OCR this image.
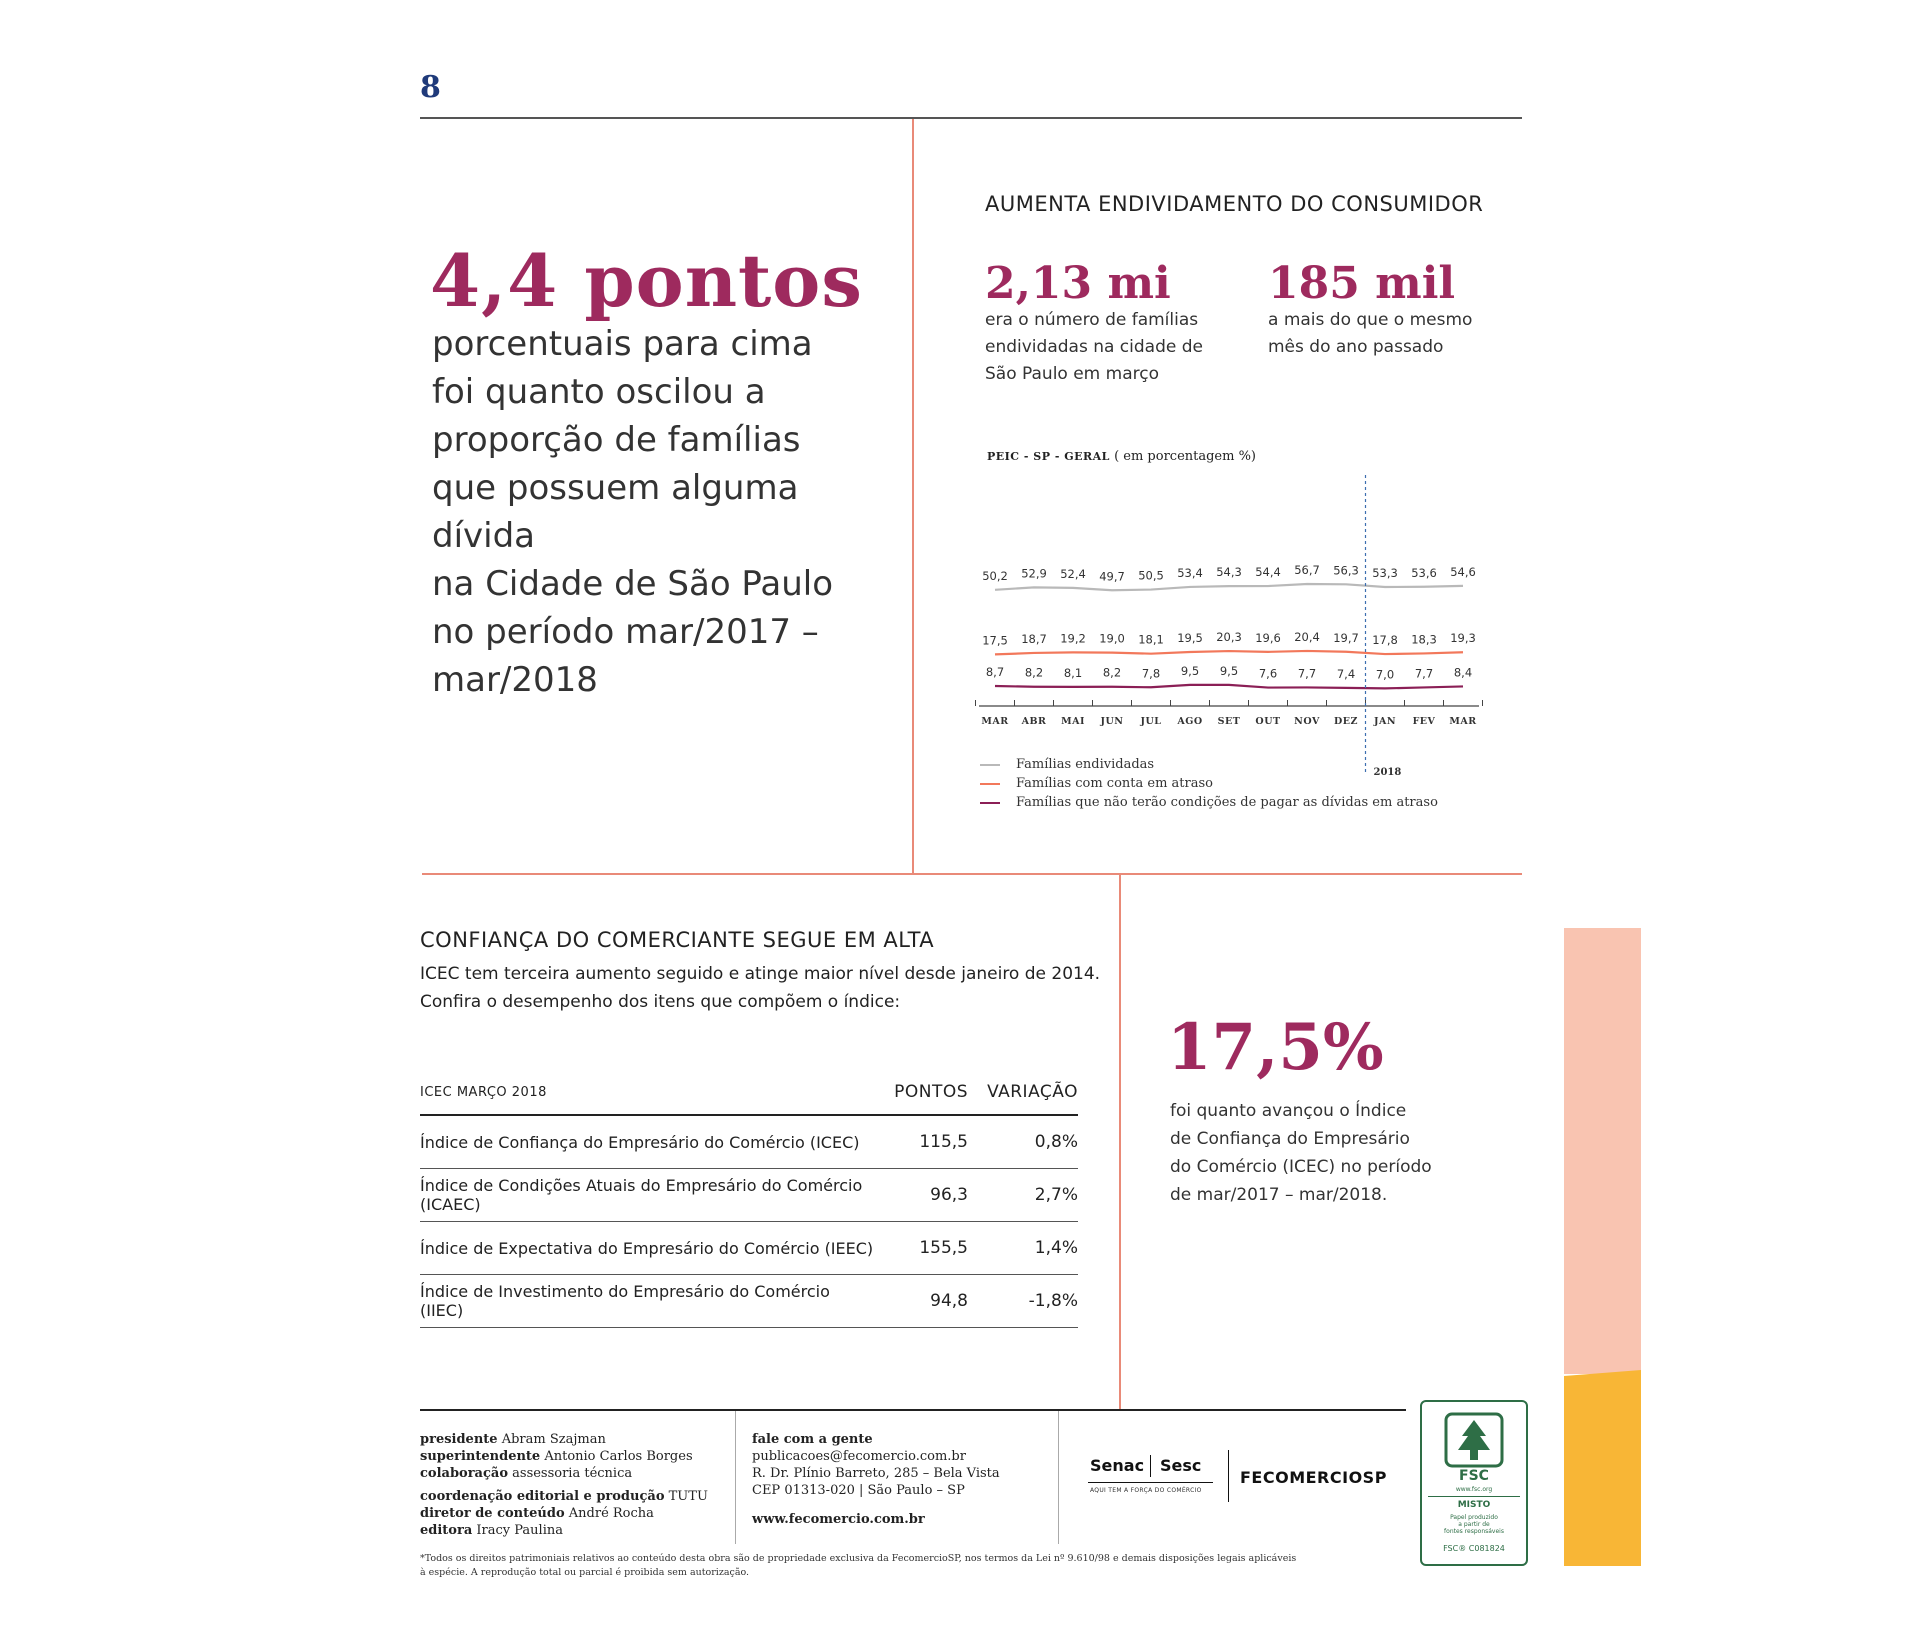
8
4,4 pontos
porcentuais para cima
foi quanto oscilou a
proporção de famílias
que possuem alguma dívida
na Cidade de São Paulo
no período mar/2017 –
mar/2018
AUMENTA ENDIVIDAMENTO DO CONSUMIDOR
2,13 mi
era o número de famílias
endividadas na cidade de
São Paulo em março
185 mil
a mais do que o mesmo
mês do ano passado
PEIC - SP - GERAL ( em porcentagem %)
50,2 52,9 52,4 49,7 50,5 53,4 54,3 54,4 56,7 56,3 53,3 53,6 54,6
17,5 18,7 19,2 19,0 18,1 19,5 20,3 19,6 20,4 19,7 17,8 18,3 19,3
8,7 8,2 8,1 8,2 7,8 9,5 9,5 7,6 7,7 7,4 7,0 7,7 8,4
MAR ABR MAI JUN JUL AGO SET OUT NOV DEZ JAN FEV MAR
2018
Famílias endividadas
Famílias com conta em atraso
Famílias que não terão condições de pagar as dívidas em atraso
CONFIANÇA DO COMERCIANTE SEGUE EM ALTA
ICEC tem terceira aumento seguido e atinge maior nível desde janeiro de 2014.
Confira o desempenho dos itens que compõem o índice:
ICEC MARÇO 2018	PONTOS	VARIAÇÃO
Índice de Confiança do Empresário do Comércio (ICEC)	115,5	0,8%
Índice de Condições Atuais do Empresário do Comércio (ICAEC)	96,3	2,7%
Índice de Expectativa do Empresário do Comércio (IEEC)	155,5	1,4%
Índice de Investimento do Empresário do Comércio (IIEC)	94,8	-1,8%
17,5%
foi quanto avançou o Índice
de Confiança do Empresário
do Comércio (ICEC) no período
de mar/2017 – mar/2018.
presidente Abram Szajman
superintendente Antonio Carlos Borges
colaboração assessoria técnica
coordenação editorial e produção TUTU
diretor de conteúdo André Rocha
editora Iracy Paulina
fale com a gente
publicacoes@fecomercio.com.br
R. Dr. Plínio Barreto, 285 – Bela Vista
CEP 01313-020 | São Paulo – SP
www.fecomercio.com.br
Senac Sesc
AQUI TEM A FORÇA DO COMÉRCIO
FECOMERCIOSP	FSC
www.fsc.org
MISTO
Papel produzido
a partir de
fontes responsáveis
FSC® C081824
*Todos os direitos patrimoniais relativos ao conteúdo desta obra são de propriedade exclusiva da FecomercioSP, nos termos da Lei nº 9.610/98 e demais disposições legais aplicáveis
à espécie. A reprodução total ou parcial é proibida sem autorização.
